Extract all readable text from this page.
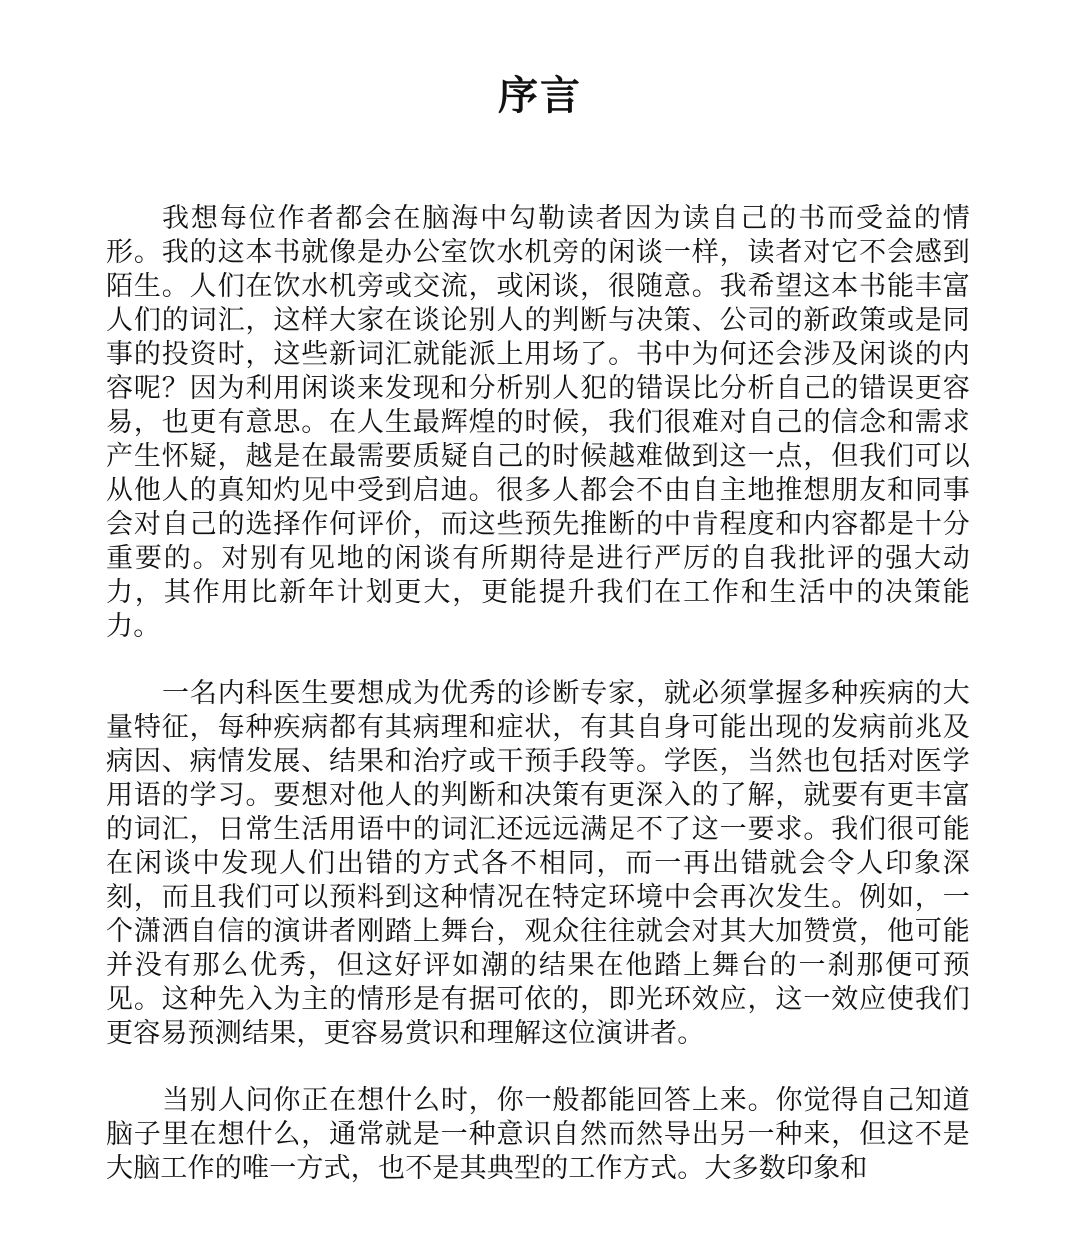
序言

我想每位作者都会在脑海中勾勒读者因为读自己的书而受益的情形。我的这本书就像是办公室饮水机旁的闲谈一样，读者对它不会感到陌生。人们在饮水机旁或交流，或闲谈，很随意。我希望这本书能丰富人们的词汇，这样大家在谈论别人的判断与决策、公司的新政策或是同事的投资时，这些新词汇就能派上用场了。书中为何还会涉及闲谈的内容呢？因为利用闲谈来发现和分析别人犯的错误比分析自己的错误更容易，也更有意思。在人生最辉煌的时候，我们很难对自己的信念和需求产生怀疑，越是在最需要质疑自己的时候越难做到这一点，但我们可以从他人的真知灼见中受到启迪。很多人都会不由自主地推想朋友和同事会对自己的选择作何评价，而这些预先推断的中肯程度和内容都是十分重要的。对别有见地的闲谈有所期待是进行严厉的自我批评的强大动力，其作用比新年计划更大，更能提升我们在工作和生活中的决策能力。

一名内科医生要想成为优秀的诊断专家，就必须掌握多种疾病的大量特征，每种疾病都有其病理和症状，有其自身可能出现的发病前兆及病因、病情发展、结果和治疗或干预手段等。学医，当然也包括对医学用语的学习。要想对他人的判断和决策有更深入的了解，就要有更丰富的词汇，日常生活用语中的词汇还远远满足不了这一要求。我们很可能在闲谈中发现人们出错的方式各不相同，而一再出错就会令人印象深刻，而且我们可以预料到这种情况在特定环境中会再次发生。例如，一个潇洒自信的演讲者刚踏上舞台，观众往往就会对其大加赞赏，他可能并没有那么优秀，但这好评如潮的结果在他踏上舞台的一刹那便可预见。这种先入为主的情形是有据可依的，即光环效应，这一效应使我们更容易预测结果，更容易赏识和理解这位演讲者。

当别人问你正在想什么时，你一般都能回答上来。你觉得自己知道脑子里在想什么，通常就是一种意识自然而然导出另一种来，但这不是大脑工作的唯一方式，也不是其典型的工作方式。大多数印象和
